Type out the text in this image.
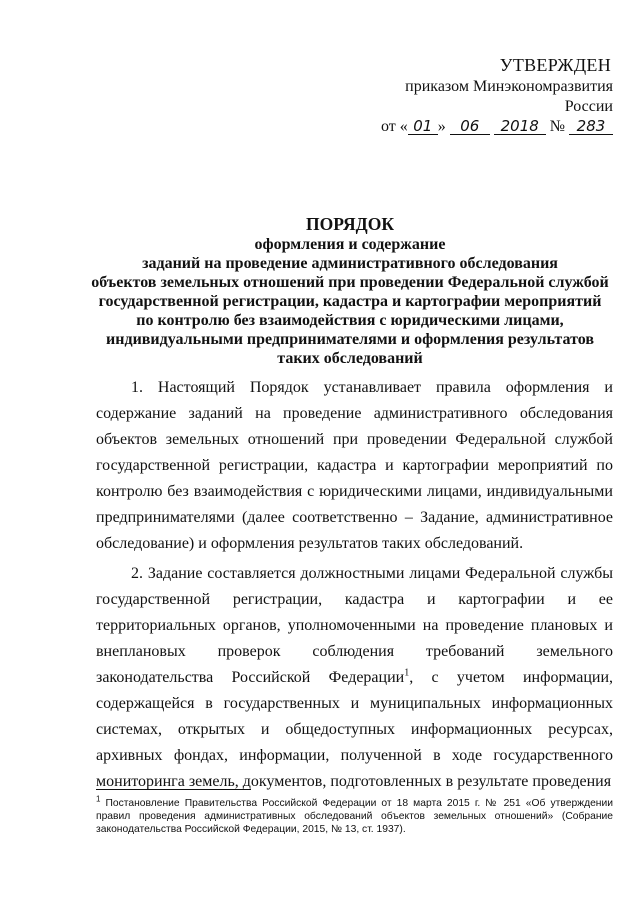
УТВЕРЖДЕН
приказом Минэкономразвития России
от « 01 » 06 2018 № 283
ПОРЯДОК
оформления и содержание
заданий на проведение административного обследования
объектов земельных отношений при проведении Федеральной службой
государственной регистрации, кадастра и картографии мероприятий
по контролю без взаимодействия с юридическими лицами,
индивидуальными предпринимателями и оформления результатов
таких обследований

1. Настоящий Порядок устанавливает правила оформления и содержание заданий на проведение административного обследования объектов земельных отношений при проведении Федеральной службой государственной регистрации, кадастра и картографии мероприятий по контролю без взаимодействия с юридическими лицами, индивидуальными предпринимателями (далее соответственно – Задание, административное обследование) и оформления результатов таких обследований.

2. Задание составляется должностными лицами Федеральной службы государственной регистрации, кадастра и картографии и ее территориальных органов, уполномоченными на проведение плановых и внеплановых проверок соблюдения требований земельного законодательства Российской Федерации$^1$, с учетом информации, содержащейся в государственных и муниципальных информационных системах, открытых и общедоступных информационных ресурсах, архивных фондах, информации, полученной в ходе государственного мониторинга земель, документов, подготовленных в результате проведения

$^1$ Постановление Правительства Российской Федерации от 18 марта 2015 г. № 251 «Об утверждении правил проведения административных обследований объектов земельных отношений» (Собрание законодательства Российской Федерации, 2015, № 13, ст. 1937).
